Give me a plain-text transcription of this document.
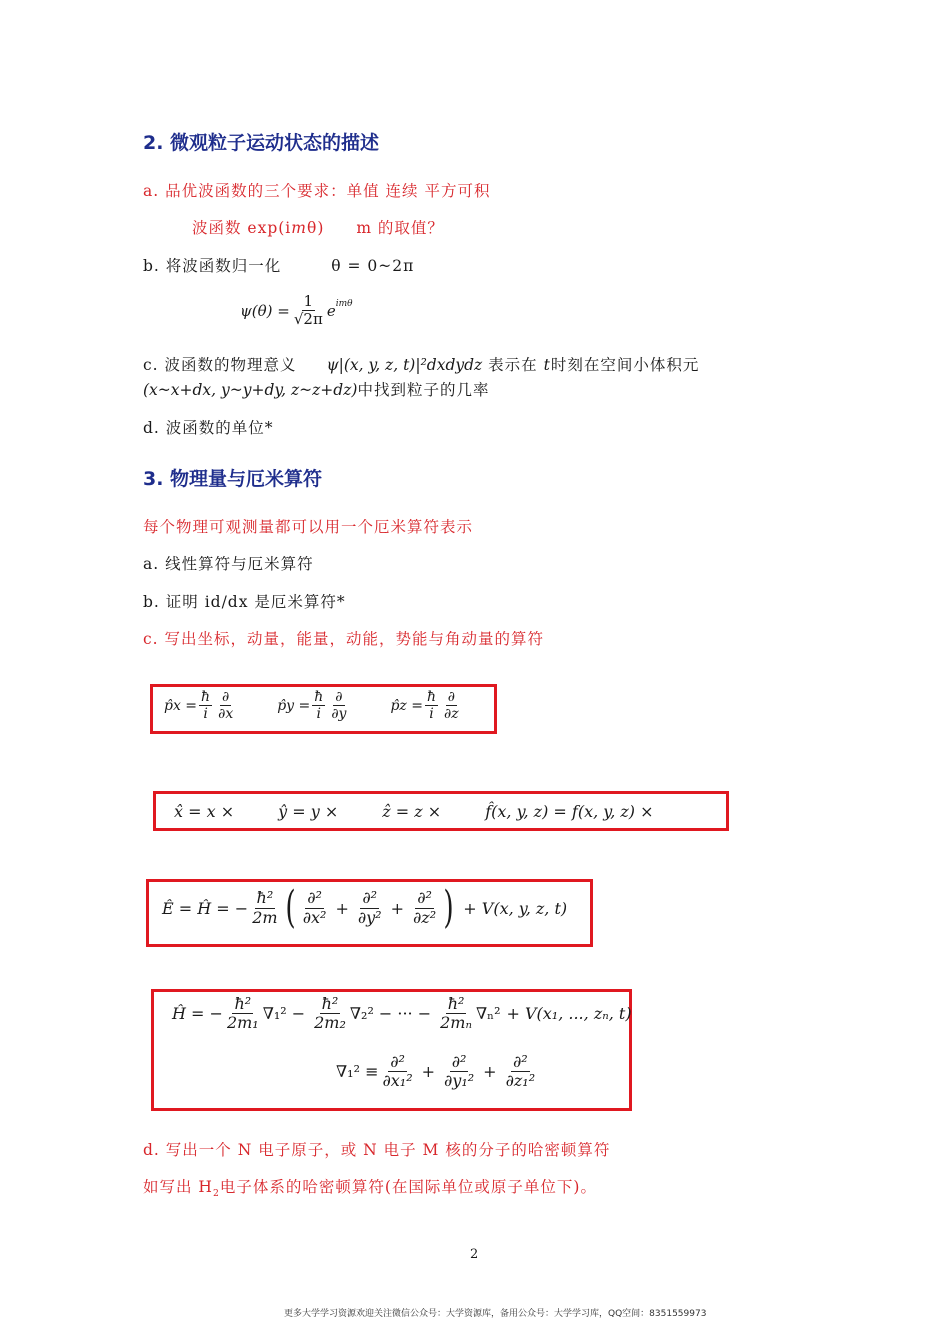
2. 微观粒子运动状态的描述
a. 品优波函数的三个要求：单值 连续 平方可积
波函数 exp(imθ) m 的取值？
b. 将波函数归一化	θ = 0~2π
$\psi(\theta) = \frac{1}{√2\pi} e^{im\theta}$
c. 波函数的物理意义 ψ|(x, y, z, t)|²dxdydz 表示在 t时刻在空间小体积元
(x~x+dx, y~y+dy, z~z+dz)中找到粒子的几率
d. 波函数的单位*
3. 物理量与厄米算符
每个物理可观测量都可以用一个厄米算符表示
a. 线性算符与厄米算符
b. 证明 id/dx 是厄米算符*
c. 写出坐标，动量，能量，动能，势能与角动量的算符
p̂x = $\frac{ħ}{i} \frac{\partial}{\partial x}$	p̂y = $\frac{ħ}{i} \frac{\partial}{\partial y}$	p̂z = $\frac{ħ}{i} \frac{\partial}{\partial z}$
x̂ = x ×	ŷ = y ×	ẑ = z ×	f̂(x, y, z) = f(x, y, z) ×
Ê = Ĥ = − $\frac{\text{ħ²}}{2m}$ ( $\frac{\text{∂²}}{\text{∂x²}} + \frac{\text{∂²}}{\text{∂y²}} + \frac{\text{∂²}}{\text{∂z²}}$ ) + V(x, y, z, t)
Ĥ = − $\frac{\text{ħ²}}{\text{2m₁}} \nabla_1^2 - \frac{\text{ħ²}}{\text{2m₂}} \nabla_2^2$ − ··· − $\frac{\text{ħ²}}{\text{2mₙ}} \nabla_n^2 + V(x_1$, ..., zₙ, t)
$\nabla_1^2 \equiv \frac{\text{∂²}}{\text{∂x₁²}} + \frac{\text{∂²}}{\text{∂y₁²}} + \frac{\text{∂²}}{\text{∂z₁²}}$
d. 写出一个 N 电子原子，或 N 电子 M 核的分子的哈密顿算符
如写出 $H_2$电子体系的哈密顿算符(在国际单位或原子单位下)。
2
更多大学学习资源欢迎关注微信公众号：大学资源库，备用公众号：大学学习库，QQ空间：8351559973
